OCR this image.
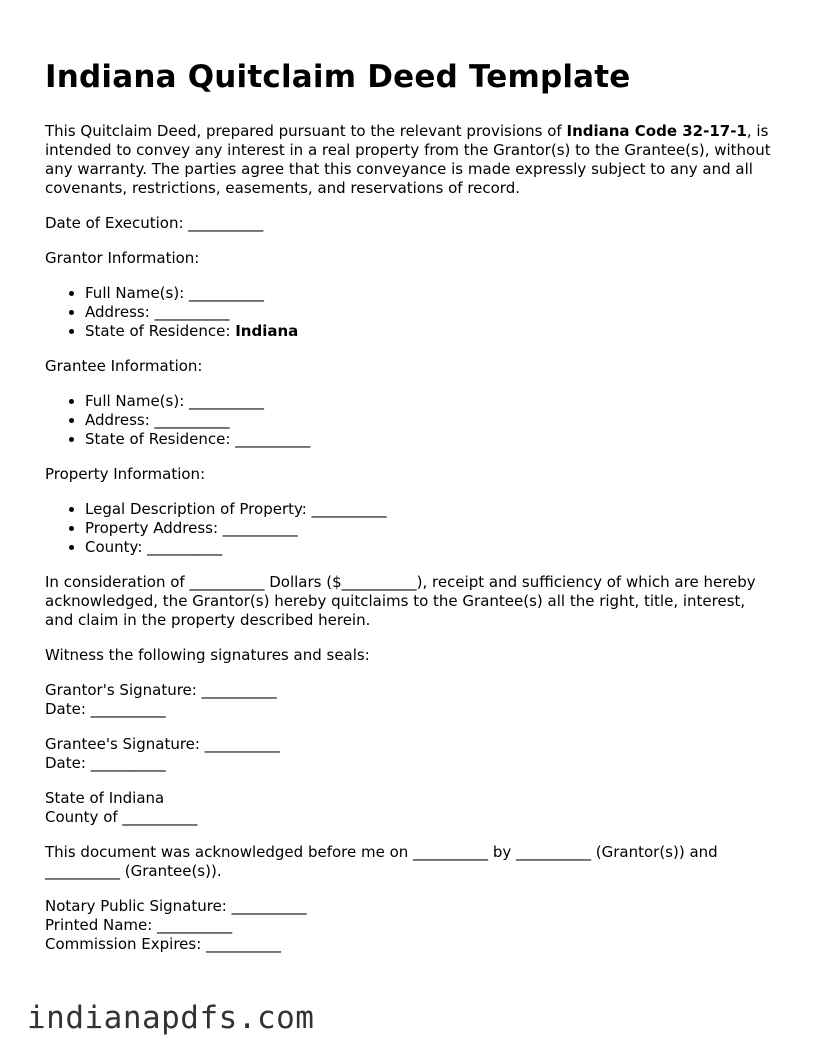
Indiana Quitclaim Deed Template

This Quitclaim Deed, prepared pursuant to the relevant provisions of Indiana Code 32-17-1, is intended to convey any interest in a real property from the Grantor(s) to the Grantee(s), without any warranty. The parties agree that this conveyance is made expressly subject to any and all covenants, restrictions, easements, and reservations of record.

Date of Execution: __________

Grantor Information:

• Full Name(s): __________
• Address: __________
• State of Residence: Indiana

Grantee Information:

• Full Name(s): __________
• Address: __________
• State of Residence: __________

Property Information:

• Legal Description of Property: __________
• Property Address: __________
• County: __________

In consideration of __________ Dollars ($__________), receipt and sufficiency of which are hereby acknowledged, the Grantor(s) hereby quitclaims to the Grantee(s) all the right, title, interest, and claim in the property described herein.

Witness the following signatures and seals:

Grantor's Signature: __________
Date: __________

Grantee's Signature: __________
Date: __________

State of Indiana
County of __________

This document was acknowledged before me on __________ by __________ (Grantor(s)) and __________ (Grantee(s)).

Notary Public Signature: __________
Printed Name: __________
Commission Expires: __________

indianapdfs.com
